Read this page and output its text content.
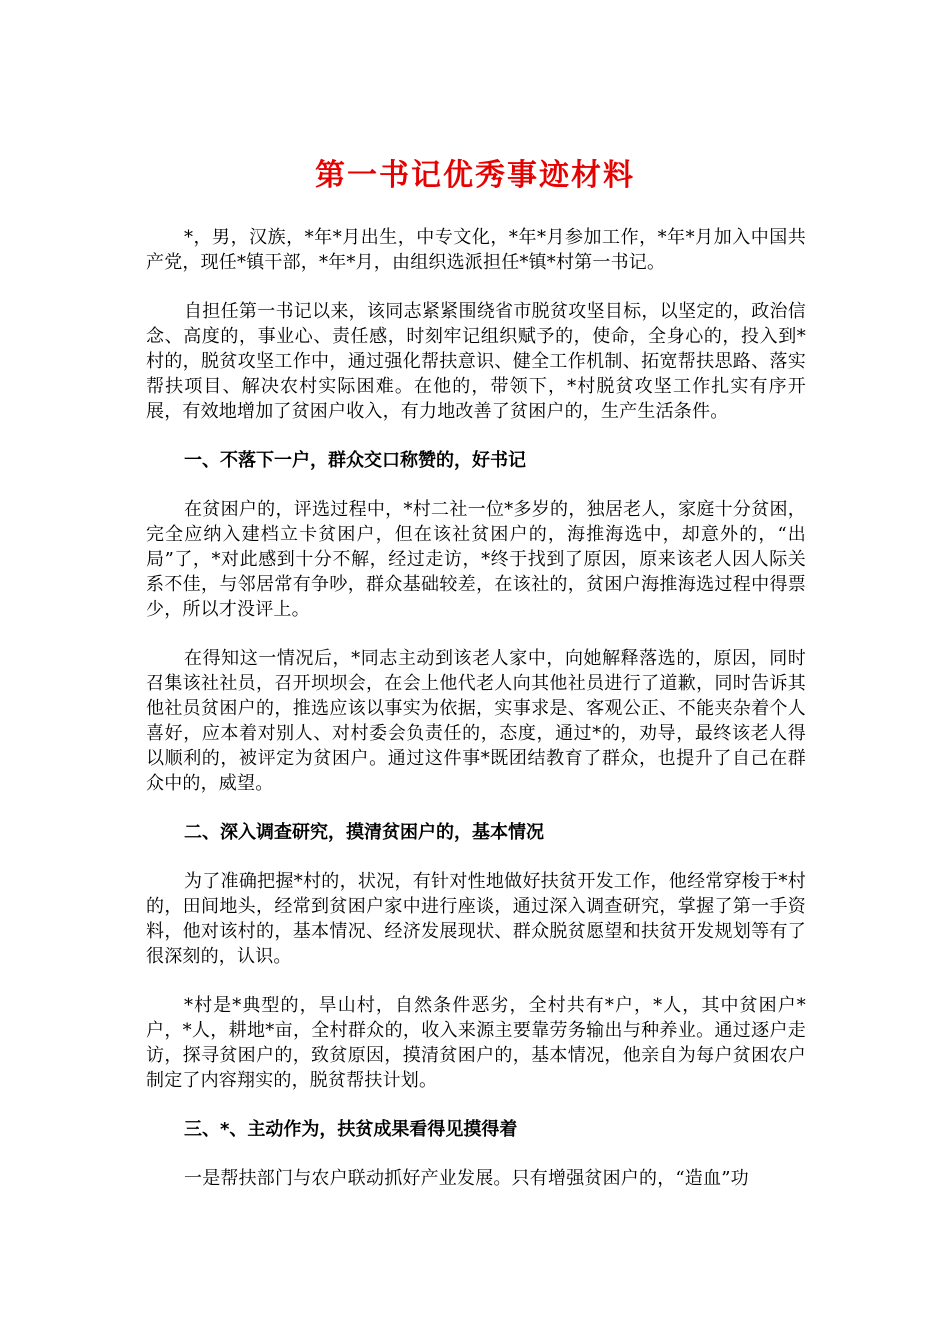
第一书记优秀事迹材料

*，男，汉族，*年*月出生，中专文化，*年*月参加工作，*年*月加入中国共产党，现任*镇干部，*年*月，由组织选派担任*镇*村第一书记。

自担任第一书记以来，该同志紧紧围绕省市脱贫攻坚目标，以坚定的，政治信念、高度的，事业心、责任感，时刻牢记组织赋予的，使命，全身心的，投入到*村的，脱贫攻坚工作中，通过强化帮扶意识、健全工作机制、拓宽帮扶思路、落实帮扶项目、解决农村实际困难。在他的，带领下，*村脱贫攻坚工作扎实有序开展，有效地增加了贫困户收入，有力地改善了贫困户的，生产生活条件。

一、不落下一户，群众交口称赞的，好书记

在贫困户的，评选过程中，*村二社一位*多岁的，独居老人，家庭十分贫困，完全应纳入建档立卡贫困户，但在该社贫困户的，海推海选中，却意外的，“出局”了，*对此感到十分不解，经过走访，*终于找到了原因，原来该老人因人际关系不佳，与邻居常有争吵，群众基础较差，在该社的，贫困户海推海选过程中得票少，所以才没评上。

在得知这一情况后，*同志主动到该老人家中，向她解释落选的，原因，同时召集该社社员，召开坝坝会，在会上他代老人向其他社员进行了道歉，同时告诉其他社员贫困户的，推选应该以事实为依据，实事求是、客观公正、不能夹杂着个人喜好，应本着对别人、对村委会负责任的，态度，通过*的，劝导，最终该老人得以顺利的，被评定为贫困户。通过这件事*既团结教育了群众，也提升了自己在群众中的，威望。

二、深入调查研究，摸清贫困户的，基本情况

为了准确把握*村的，状况，有针对性地做好扶贫开发工作，他经常穿梭于*村的，田间地头，经常到贫困户家中进行座谈，通过深入调查研究，掌握了第一手资料，他对该村的，基本情况、经济发展现状、群众脱贫愿望和扶贫开发规划等有了很深刻的，认识。

*村是*典型的，旱山村，自然条件恶劣，全村共有*户，*人，其中贫困户*户，*人，耕地*亩，全村群众的，收入来源主要靠劳务输出与种养业。通过逐户走访，探寻贫困户的，致贫原因，摸清贫困户的，基本情况，他亲自为每户贫困农户制定了内容翔实的，脱贫帮扶计划。

三、*、主动作为，扶贫成果看得见摸得着

一是帮扶部门与农户联动抓好产业发展。只有增强贫困户的，“造血”功
